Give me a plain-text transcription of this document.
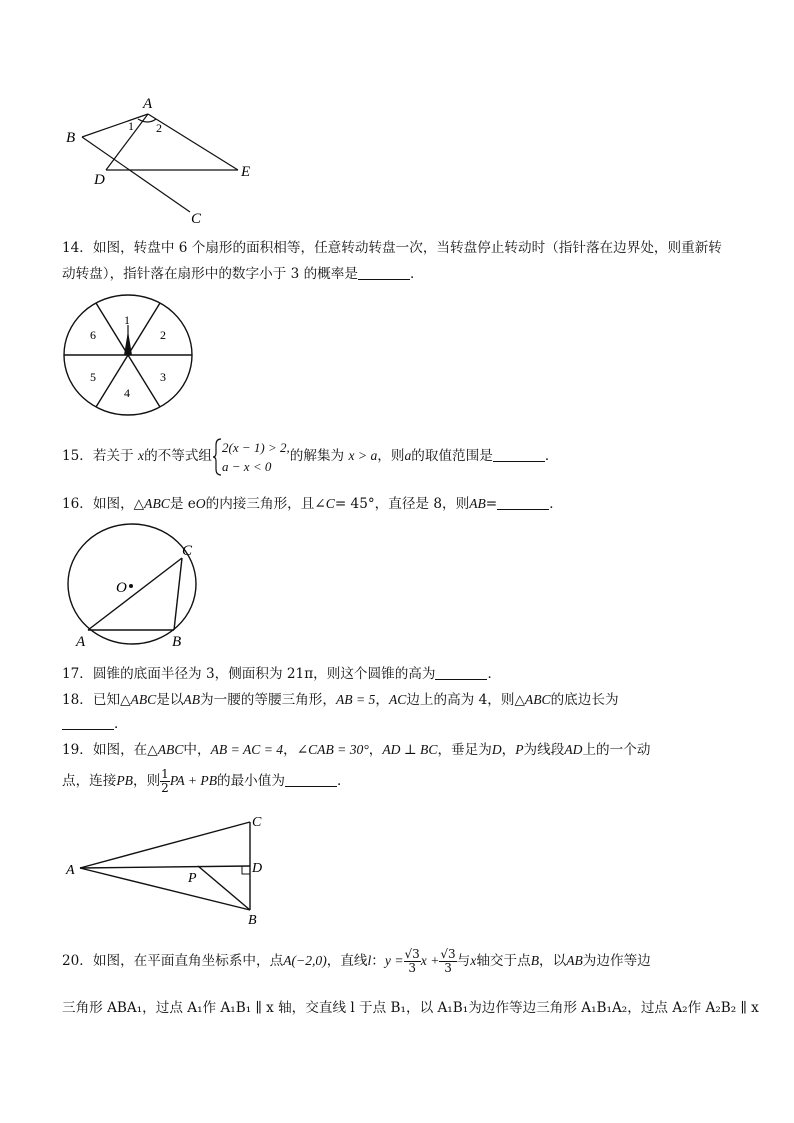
A
B
D	E
C
1 2
14．如图，转盘中 6 个扇形的面积相等，任意转动转盘一次，当转盘停止转动时（指针落在边界处，则重新转
动转盘），指针落在扇形中的数字小于 3 的概率是	．
1
2
3
4
5
6
15．若关于 x的不等式组
2(x − 1) > 2,
a − x < 0
的解集为 x > a，则a的取值范围是	．
16．如图，△ABC是 eO的内接三角形，且∠C= 45°，直径是 8，则AB=	．
O
A	B
C
17．圆锥的底面半径为 3，侧面积为 21π，则这个圆锥的高为	．
18．已知△ABC是以AB为一腰的等腰三角形，AB = 5，AC边上的高为 4，则△ABC的底边长为
．
19．如图，在△ABC中，AB = AC = 4，∠CAB = 30°，AD ⊥ BC，垂足为D，P为线段AD上的一个动
点，连接PB，则 $\frac{1}{2}$ PA + PB的最小值为	．
A
C
D
B
P
20．如图，在平面直角坐标系中，点A(−2,0)，直线l：$y = \frac{√3}{3}$ $x + \frac{√3}{3}$ 与x轴交于点B，以AB为边作等边
三角形 ABA₁，过点 A₁作 A₁B₁ ∥ x 轴，交直线 l 于点 B₁，以 A₁B₁为边作等边三角形 A₁B₁A₂，过点 A₂作 A₂B₂ ∥ x
